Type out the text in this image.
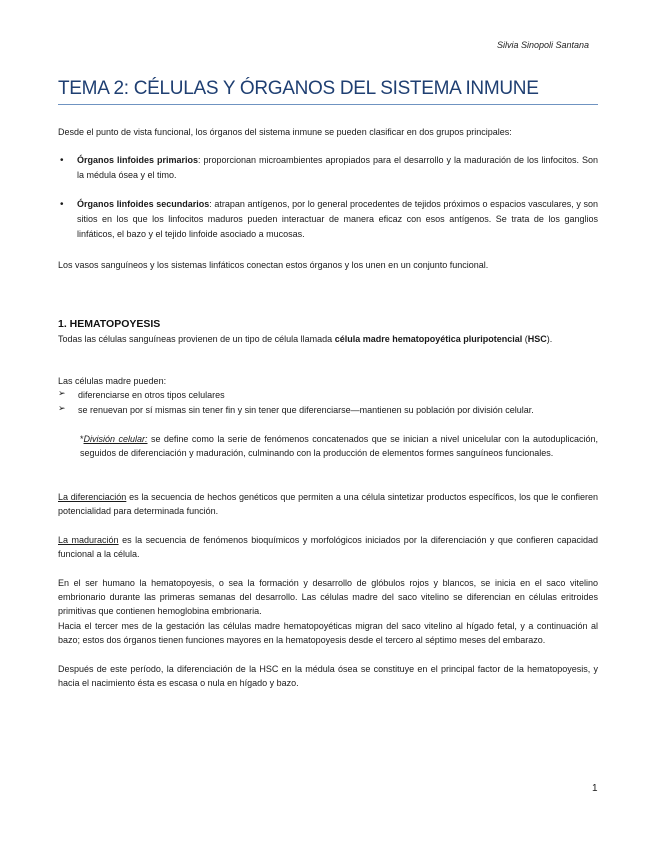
Silvia Sinopoli Santana
TEMA 2: CÉLULAS Y ÓRGANOS DEL SISTEMA INMUNE
Desde el punto de vista funcional, los órganos del sistema inmune se pueden clasificar en dos grupos principales:
• Órganos linfoides primarios: proporcionan microambientes apropiados para el desarrollo y la maduración de los linfocitos. Son la médula ósea y el timo.
• Órganos linfoides secundarios: atrapan antígenos, por lo general procedentes de tejidos próximos o espacios vasculares, y son sitios en los que los linfocitos maduros pueden interactuar de manera eficaz con esos antígenos. Se trata de los ganglios linfáticos, el bazo y el tejido linfoide asociado a mucosas.
Los vasos sanguíneos y los sistemas linfáticos conectan estos órganos y los unen en un conjunto funcional.
1. HEMATOPOYESIS
Todas las células sanguíneas provienen de un tipo de célula llamada célula madre hematopoyética pluripotencial (HSC).
Las células madre pueden:
➢ diferenciarse en otros tipos celulares
➢ se renuevan por sí mismas sin tener fin y sin tener que diferenciarse—mantienen su población por división celular.
*División celular: se define como la serie de fenómenos concatenados que se inician a nivel unicelular con la autoduplicación, seguidos de diferenciación y maduración, culminando con la producción de elementos formes sanguíneos funcionales.
La diferenciación es la secuencia de hechos genéticos que permiten a una célula sintetizar productos específicos, los que le confieren potencialidad para determinada función.
La maduración es la secuencia de fenómenos bioquímicos y morfológicos iniciados por la diferenciación y que confieren capacidad funcional a la célula.
En el ser humano la hematopoyesis, o sea la formación y desarrollo de glóbulos rojos y blancos, se inicia en el saco vitelino embrionario durante las primeras semanas del desarrollo. Las células madre del saco vitelino se diferencian en células eritroides primitivas que contienen hemoglobina embrionaria.
Hacia el tercer mes de la gestación las células madre hematopoyéticas migran del saco vitelino al hígado fetal, y a continuación al bazo; estos dos órganos tienen funciones mayores en la hematopoyesis desde el tercero al séptimo meses del embarazo.
Después de este período, la diferenciación de la HSC en la médula ósea se constituye en el principal factor de la hematopoyesis, y hacia el nacimiento ésta es escasa o nula en hígado y bazo.
1
